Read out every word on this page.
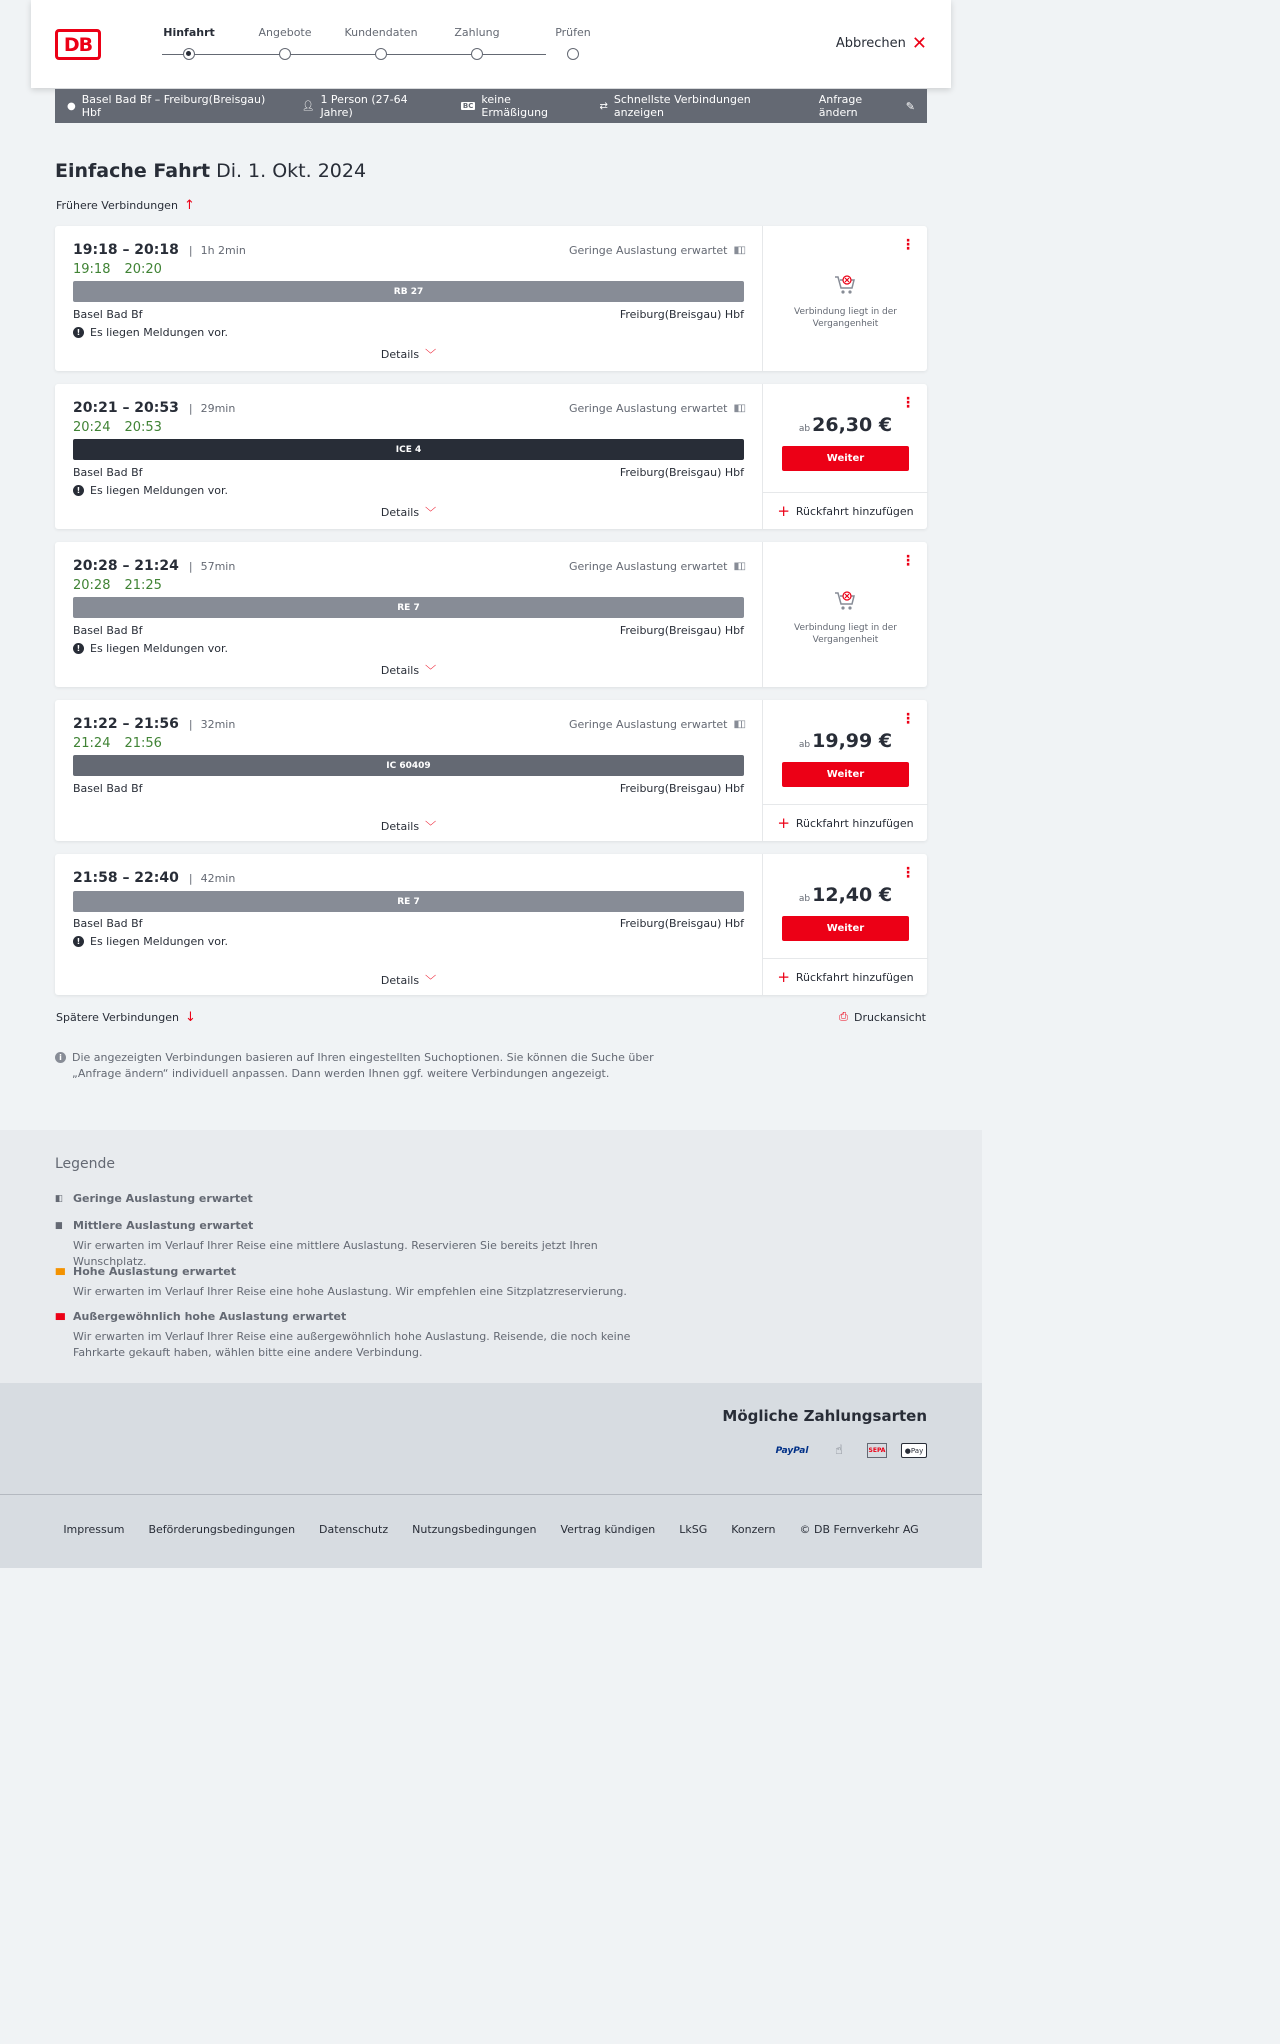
DB
Hinfahrt	Angebote	Kundendaten	Zahlung	Prüfen
Abbrechen ✕
● Basel Bad Bf – Freiburg(Breisgau) Hbf	👤︎ 1 Person (27-64 Jahre)	BC keine Ermäßigung	⇄ Schnellste Verbindungen anzeigen
Anfrage ändern	✎
Einfache Fahrt Di. 1. Okt. 2024
Frühere Verbindungen ↑
19:18 – 20:18 | 1h 2min
19:18 20:20
Geringe Auslastung erwartet ▮▯▯
RB 27
Basel Bad Bf	Freiburg(Breisgau) Hbf
! Es liegen Meldungen vor.
Details ﹀
⋮
Verbindung liegt in der Vergangenheit
20:21 – 20:53 | 29min
20:24 20:53
Geringe Auslastung erwartet ▮▯▯
ICE 4
Basel Bad Bf	Freiburg(Breisgau) Hbf
! Es liegen Meldungen vor.
Details ﹀
⋮
ab 26,30 €
Weiter
+ Rückfahrt hinzufügen
20:28 – 21:24 | 57min
20:28 21:25
Geringe Auslastung erwartet ▮▯▯
RE 7
Basel Bad Bf	Freiburg(Breisgau) Hbf
! Es liegen Meldungen vor.
Details ﹀
⋮
Verbindung liegt in der Vergangenheit
21:22 – 21:56 | 32min
21:24 21:56
Geringe Auslastung erwartet ▮▯▯
IC 60409
Basel Bad Bf	Freiburg(Breisgau) Hbf
Details ﹀
⋮
ab 19,99 €
Weiter
+ Rückfahrt hinzufügen
21:58 – 22:40 | 42min
RE 7
Basel Bad Bf	Freiburg(Breisgau) Hbf
! Es liegen Meldungen vor.
Details ﹀
⋮
ab 12,40 €
Weiter
+ Rückfahrt hinzufügen
Spätere Verbindungen ↓	⎙ Druckansicht
i Die angezeigten Verbindungen basieren auf Ihren eingestellten Suchoptionen. Sie können die Suche über „Anfrage ändern“ individuell anpassen. Dann werden Ihnen ggf. weitere Verbindungen angezeigt.
Legende
▮▯	Geringe Auslastung erwartet
▮▮	Mittlere Auslastung erwartet
Wir erwarten im Verlauf Ihrer Reise eine mittlere Auslastung. Reservieren Sie bereits jetzt Ihren Wunschplatz.
▮▮▮ Hohe Auslastung erwartet
Wir erwarten im Verlauf Ihrer Reise eine hohe Auslastung. Wir empfehlen eine Sitzplatzreservierung.
▮▮▮ Außergewöhnlich hohe Auslastung erwartet
Wir erwarten im Verlauf Ihrer Reise eine außergewöhnlich hohe Auslastung. Reisende, die noch keine Fahrkarte gekauft haben, wählen bitte eine andere Verbindung.
Mögliche Zahlungsarten
PayPal	☝︎	SEPA	● Pay
Impressum Beförderungsbedingungen Datenschutz Nutzungsbedingungen Vertrag kündigen LkSG Konzern © DB Fernverkehr AG
